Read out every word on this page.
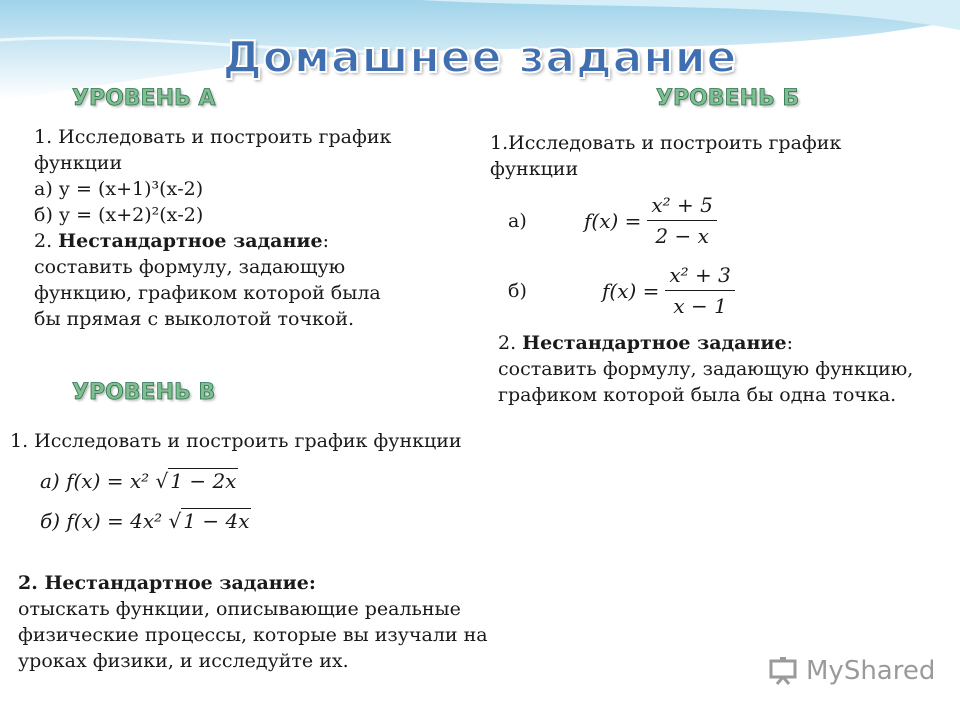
Домашнее задание
УРОВЕНЬ А

1. Исследовать и построить график

функции

а) у = (х+1)³(х-2)

б) у = (х+2)²(х-2)

2. Нестандартное задание:

составить формулу, задающую

функцию, графиком которой была

бы прямая с выколотой точкой.

УРОВЕНЬ Б

1.Исследовать и построить график

функции

а)	$f(x) = \frac{\text{x² + 5}}{2 - x}$
б)	$f(x) = \frac{\text{x² + 3}}{x - 1}$

2. Нестандартное задание:

составить формулу, задающую функцию,

графиком которой была бы одна точка.

УРОВЕНЬ В
1. Исследовать и построить график функции
а) f(x) = x² √ 1 − 2x
б) f(x) = 4x² √ 1 − 4x

2. Нестандартное задание:

отыскать функции, описывающие реальные

физические процессы, которые вы изучали на

уроках физики, и исследуйте их.	MyShared
